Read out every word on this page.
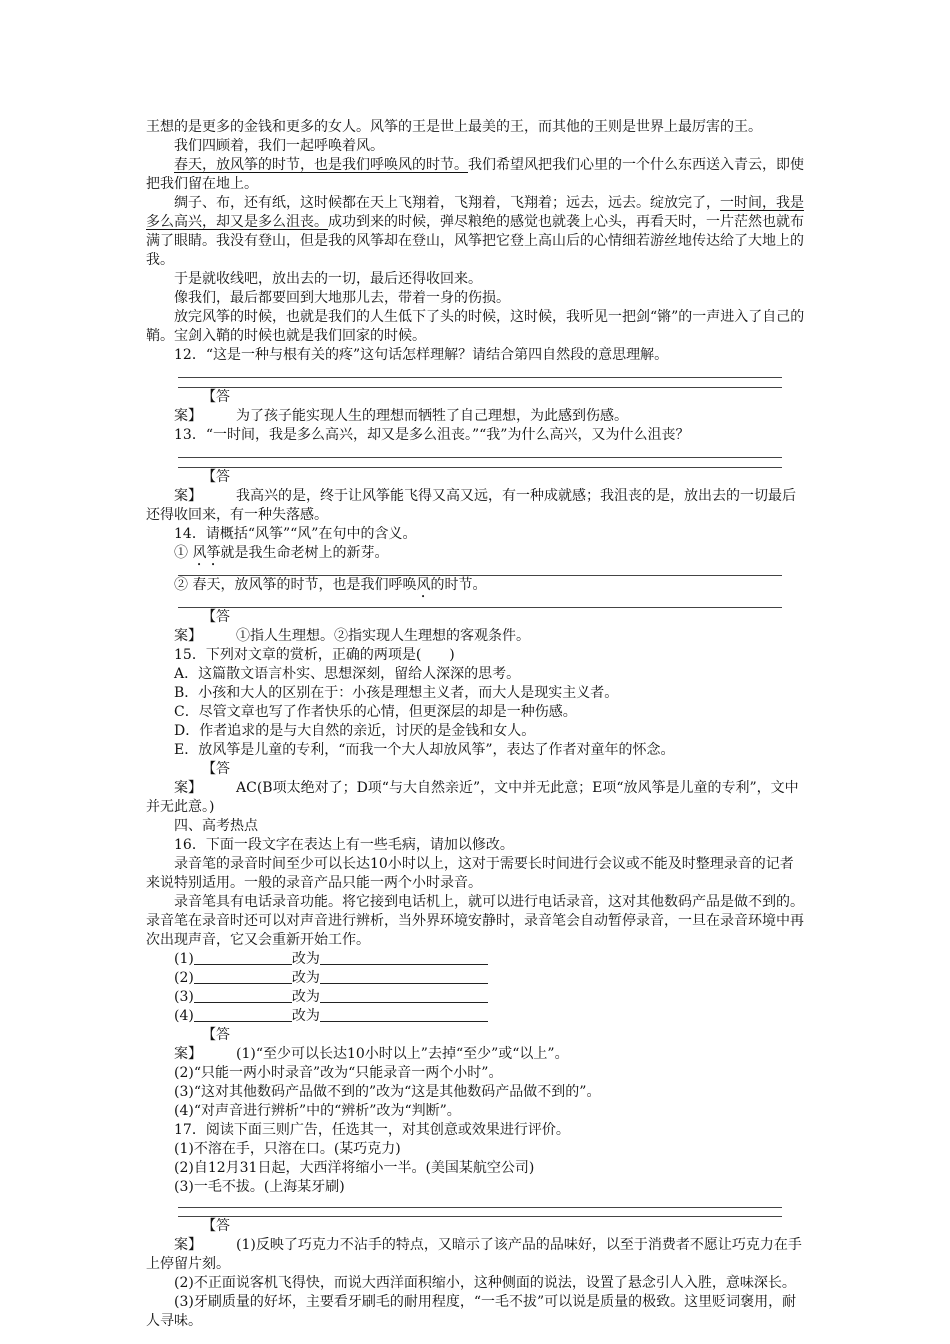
王想的是更多的金钱和更多的女人。风筝的王是世上最美的王，而其他的王则是世界上最厉害的王。

我们四顾着，我们一起呼唤着风。

春天，放风筝的时节，也是我们呼唤风的时节。我们希望风把我们心里的一个什么东西送入青云，即使把我们留在地上。

绸子、布，还有纸，这时候都在天上飞翔着，飞翔着，飞翔着；远去，远去。绽放完了，一时间，我是多么高兴，却又是多么沮丧。成功到来的时候，弹尽粮绝的感觉也就袭上心头，再看天时，一片茫然也就布满了眼睛。我没有登山，但是我的风筝却在登山，风筝把它登上高山后的心情细若游丝地传达给了大地上的我。

于是就收线吧，放出去的一切，最后还得收回来。

像我们，最后都要回到大地那儿去，带着一身的伤损。

放完风筝的时候，也就是我们的人生低下了头的时候，这时候，我听见一把剑“锵”的一声进入了自己的鞘。宝剑入鞘的时候也就是我们回家的时候。

12．“这是一种与根有关的疼”这句话怎样理解？请结合第四自然段的意思理解。

【答案】 为了孩子能实现人生的理想而牺牲了自己理想，为此感到伤感。

13．“一时间，我是多么高兴，却又是多么沮丧。”“我”为什么高兴，又为什么沮丧？

【答案】 我高兴的是，终于让风筝能飞得又高又远，有一种成就感；我沮丧的是，放出去的一切最后还得收回来，有一种失落感。

14．请概括“风筝”“风”在句中的含义。

① 风筝就是我生命老树上的新芽。

② 春天，放风筝的时节，也是我们呼唤风的时节。

【答案】 ①指人生理想。②指实现人生理想的客观条件。

15．下列对文章的赏析，正确的两项是(　　)

A．这篇散文语言朴实、思想深刻，留给人深深的思考。

B．小孩和大人的区别在于：小孩是理想主义者，而大人是现实主义者。

C．尽管文章也写了作者快乐的心情，但更深层的却是一种伤感。

D．作者追求的是与大自然的亲近，讨厌的是金钱和女人。

E．放风筝是儿童的专利，“而我一个大人却放风筝”，表达了作者对童年的怀念。

【答案】 AC(B项太绝对了；D项“与大自然亲近”，文中并无此意；E项“放风筝是儿童的专利”，文中并无此意。)

四、高考热点

16．下面一段文字在表达上有一些毛病，请加以修改。

录音笔的录音时间至少可以长达10小时以上，这对于需要长时间进行会议或不能及时整理录音的记者来说特别适用。一般的录音产品只能一两个小时录音。

录音笔具有电话录音功能。将它接到电话机上，就可以进行电话录音，这对其他数码产品是做不到的。录音笔在录音时还可以对声音进行辨析，当外界环境安静时，录音笔会自动暂停录音，一旦在录音环境中再次出现声音，它又会重新开始工作。

(1)	改为

(2)	改为

(3)	改为

(4)	改为

【答案】 (1)“至少可以长达10小时以上”去掉“至少”或“以上”。

(2)“只能一两小时录音”改为“只能录音一两个小时”。

(3)“这对其他数码产品做不到的”改为“这是其他数码产品做不到的”。

(4)“对声音进行辨析”中的“辨析”改为“判断”。

17．阅读下面三则广告，任选其一，对其创意或效果进行评价。

(1)不溶在手，只溶在口。(某巧克力)

(2)自12月31日起，大西洋将缩小一半。(美国某航空公司)

(3)一毛不拔。(上海某牙刷)

【答案】 (1)反映了巧克力不沾手的特点，又暗示了该产品的品味好，以至于消费者不愿让巧克力在手上停留片刻。

(2)不正面说客机飞得快，而说大西洋面积缩小，这种侧面的说法，设置了悬念引人入胜，意味深长。

(3)牙刷质量的好坏，主要看牙刷毛的耐用程度，“一毛不拔”可以说是质量的极致。这里贬词褒用，耐人寻味。
